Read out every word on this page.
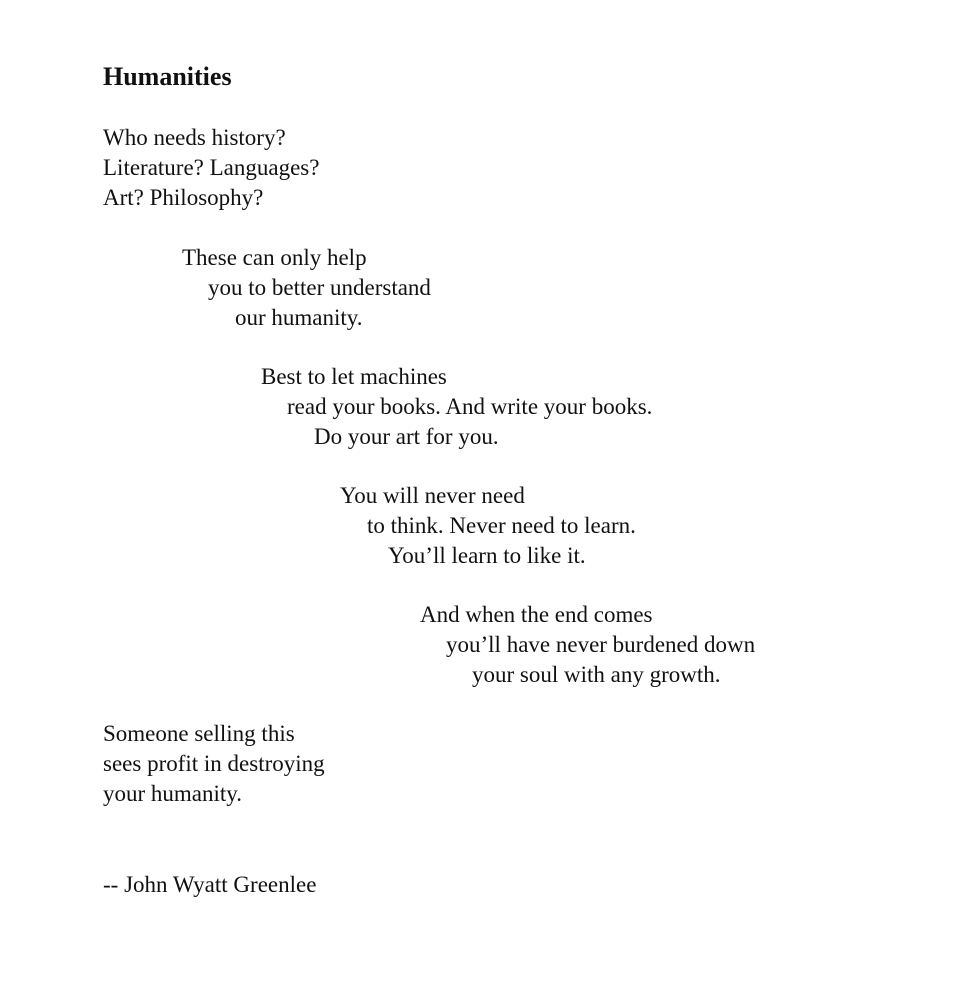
Humanities

Who needs history?

Literature? Languages?

Art? Philosophy?

These can only help

you to better understand

our humanity.

Best to let machines

read your books. And write your books.

Do your art for you.

You will never need

to think. Never need to learn.

You’ll learn to like it.

And when the end comes

you’ll have never burdened down

your soul with any growth.

Someone selling this

sees profit in destroying

your humanity.

-- John Wyatt Greenlee
